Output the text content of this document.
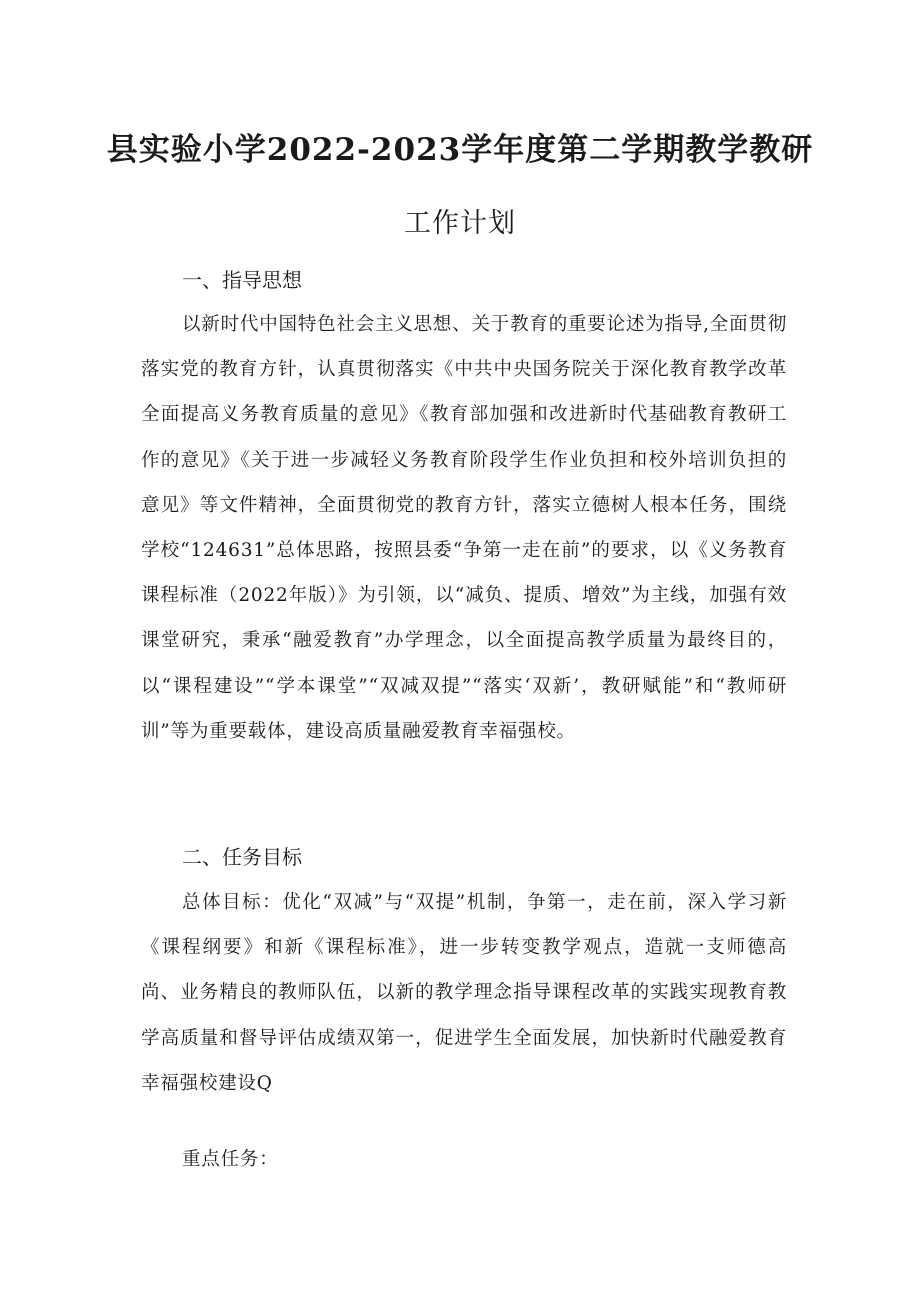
县实验小学2022-2023学年度第二学期教学教研
工作计划
一、指导思想

以新时代中国特色社会主义思想、关于教育的重要论述为指导,全面贯彻落实党的教育方针，认真贯彻落实《中共中央国务院关于深化教育教学改革全面提高义务教育质量的意见》《教育部加强和改进新时代基础教育教研工作的意见》《关于进一步减轻义务教育阶段学生作业负担和校外培训负担的意见》等文件精神，全面贯彻党的教育方针，落实立德树人根本任务，围绕学校“124631”总体思路，按照县委“争第一走在前”的要求，以《义务教育课程标准（2022年版）》为引领，以“减负、提质、增效”为主线，加强有效课堂研究，秉承“融爱教育”办学理念，以全面提高教学质量为最终目的，以“课程建设”“学本课堂”“双减双提”“落实‘双新’，教研赋能”和“教师研训”等为重要载体，建设高质量融爱教育幸福强校。

二、任务目标

总体目标：优化“双减”与“双提”机制，争第一，走在前，深入学习新《课程纲要》和新《课程标准》，进一步转变教学观点，造就一支师德高尚、业务精良的教师队伍，以新的教学理念指导课程改革的实践实现教育教学高质量和督导评估成绩双第一，促进学生全面发展，加快新时代融爱教育幸福强校建设Q

重点任务：
